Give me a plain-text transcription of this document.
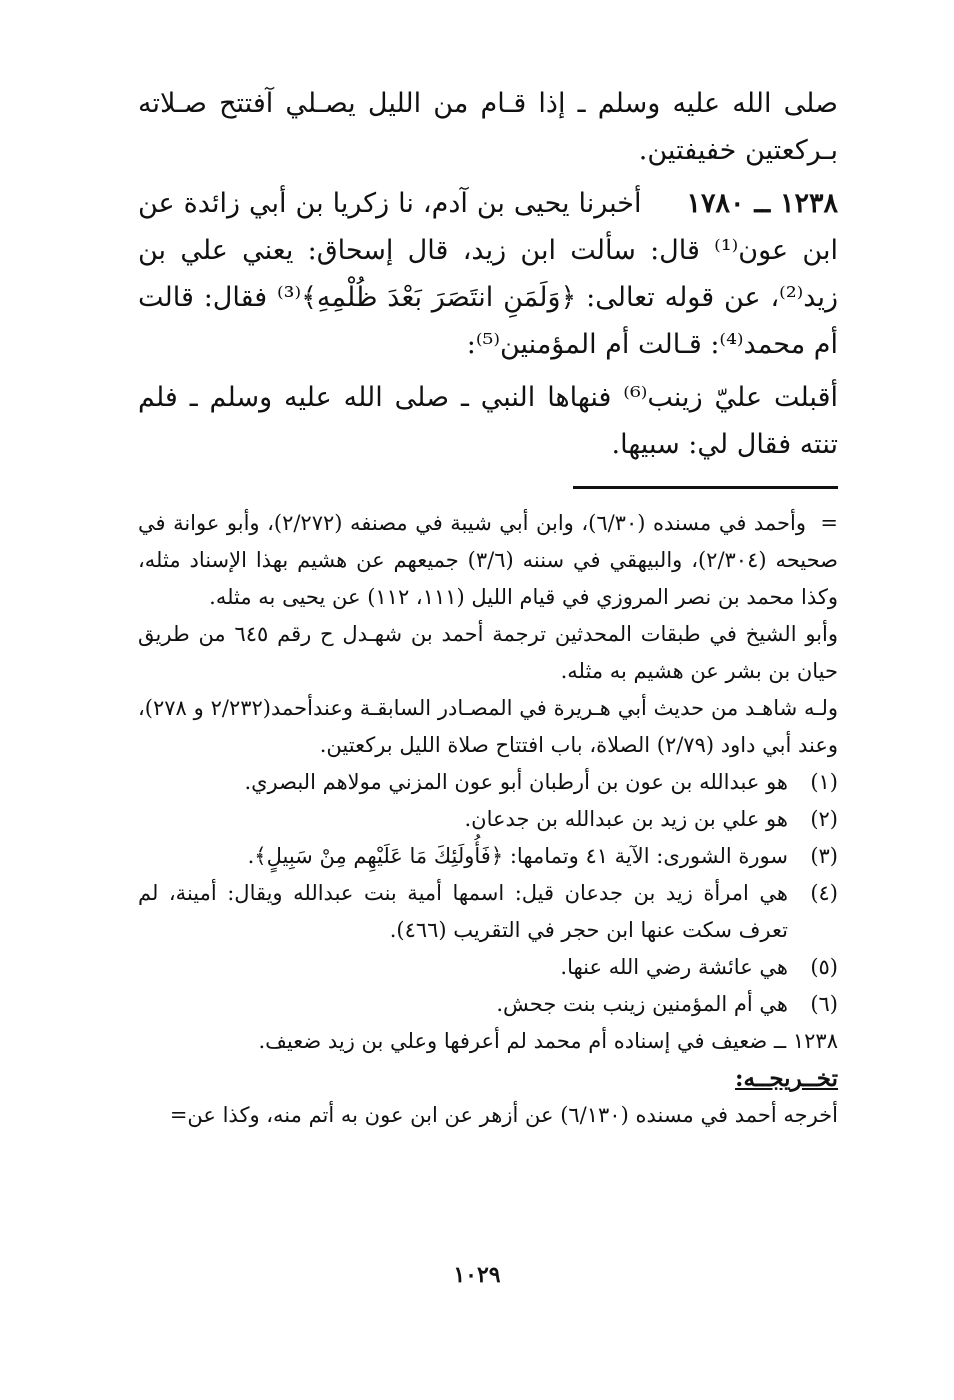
صلى الله عليه وسلم ـ إذا قـام من الليل يصـلي آفتتح صـلاته بـركعتين خفيفتين.

١٢٣٨ ــ ١٧٨٠     أخبرنا يحيى بن آدم، نا زكريا بن أبي زائدة عن ابن عون⁽¹⁾ قال: سألت ابن زيد، قال إسحاق: يعني علي بن زيد⁽²⁾، عن قوله تعالى: ﴿وَلَمَنِ انتَصَرَ بَعْدَ ظُلْمِهِ﴾⁽³⁾ فقال: قالت أم محمد⁽⁴⁾: قـالت أم المؤمنين⁽⁵⁾:

أقبلت عليّ زينب⁽⁶⁾ فنهاها النبي ـ صلى الله عليه وسلم ـ فلم تنته فقال لي: سبيها.

=وأحمد في مسنده (٦/٣٠)، وابن أبي شيبة في مصنفه (٢/٢٧٢)، وأبو عوانة في صحيحه (٢/٣٠٤)، والبيهقي في سننه (٣/٦) جميعهم عن هشيم بهذا الإسناد مثله، وكذا محمد بن نصر المروزي في قيام الليل (١١١، ١١٢) عن يحيى به مثله.

وأبو الشيخ في طبقات المحدثين ترجمة أحمد بن شهـدل ح رقم ٦٤٥ من طريق حيان بن بشر عن هشيم به مثله.

ولـه شاهـد من حديث أبي هـريرة في المصـادر السابقـة وعندأحمد(٢/٢٣٢ و ٢٧٨)، وعند أبي داود (٢/٧٩) الصلاة، باب افتتاح صلاة الليل بركعتين.

(١)
هو عبدالله بن عون بن أرطبان أبو عون المزني مولاهم البصري.
(٢)
هو علي بن زيد بن عبدالله بن جدعان.
(٣)
سورة الشورى: الآية ٤١ وتمامها: ﴿فَأُولَئِكَ مَا عَلَيْهِم مِنْ سَبِيلٍ﴾.
(٤)
هي امرأة زيد بن جدعان قيل: اسمها أمية بنت عبدالله ويقال: أمينة، لم تعرف سكت عنها ابن حجر في التقريب (٤٦٦).
(٥)
هي عائشة رضي الله عنها.
(٦)
هي أم المؤمنين زينب بنت جحش.

١٢٣٨ ــ ضعيف في إسناده أم محمد لم أعرفها وعلي بن زيد ضعيف.

تخــريجــه:

أخرجه أحمد في مسنده (٦/١٣٠) عن أزهر عن ابن عون به أتم منه، وكذا عن=

١٠٢٩
